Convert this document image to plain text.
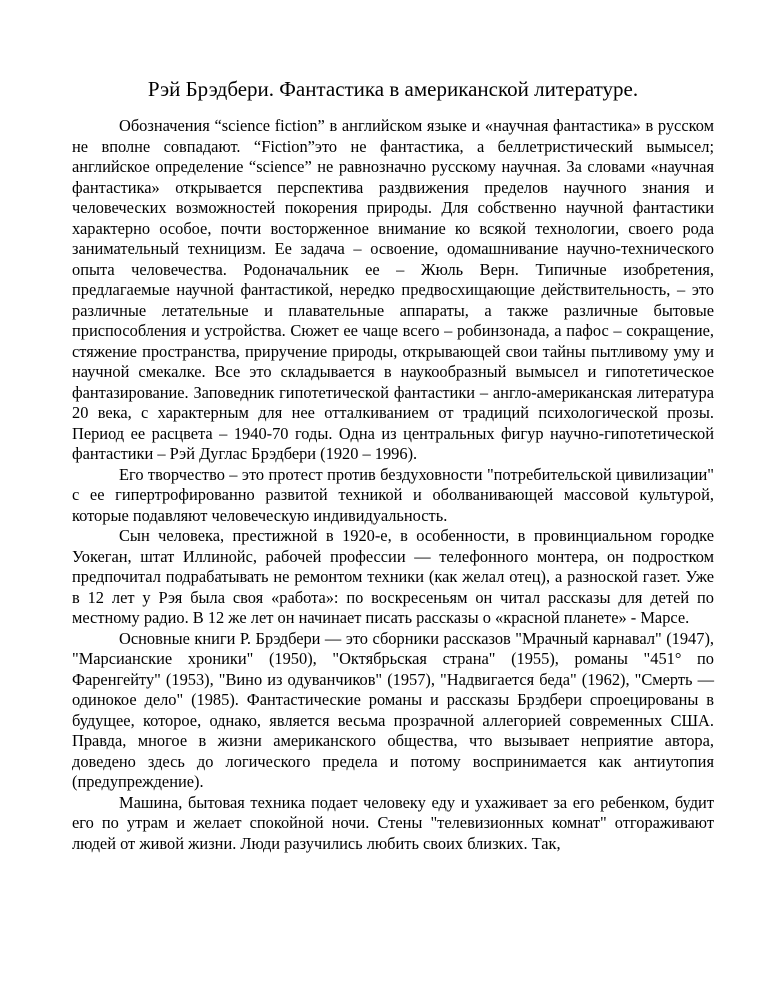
Рэй Брэдбери. Фантастика в американской литературе.

Обозначения “science fiction” в английском языке и «научная фантастика» в русском не вполне совпадают. “Fiction”это не фантастика, а беллетристический вымысел; английское определение “science” не равнозначно русскому научная. За словами «научная фантастика» открывается перспектива раздвижения пределов научного знания и человеческих возможностей покорения природы. Для собственно научной фантастики характерно особое, почти восторженное внимание ко всякой технологии, своего рода занимательный техницизм. Ее задача – освоение, одомашнивание научно-технического опыта человечества. Родоначальник ее – Жюль Верн. Типичные изобретения, предлагаемые научной фантастикой, нередко предвосхищающие действительность, – это различные летательные и плавательные аппараты, а также различные бытовые приспособления и устройства. Сюжет ее чаще всего – робинзонада, а пафос – сокращение, стяжение пространства, приручение природы, открывающей свои тайны пытливому уму и научной смекалке. Все это складывается в наукообразный вымысел и гипотетическое фантазирование. Заповедник гипотетической фантастики – англо-американская литература 20 века, с характерным для нее отталкиванием от традиций психологической прозы. Период ее расцвета – 1940-70 годы. Одна из центральных фигур научно-гипотетической фантастики – Рэй Дуглас Брэдбери (1920 – 1996).

Его творчество – это протест против бездуховности "потребительской цивилизации" с ее гипертрофированно развитой техникой и оболванивающей массовой культурой, которые подавляют человеческую индивидуальность.

Сын человека, престижной в 1920-е, в особенности, в провинциальном городке Уокеган, штат Иллинойс, рабочей профессии — телефонного монтера, он подростком предпочитал подрабатывать не ремонтом техники (как желал отец), а разноской газет. Уже в 12 лет у Рэя была своя «работа»: по воскресеньям он читал рассказы для детей по местному радио. В 12 же лет он начинает писать рассказы о «красной планете» - Марсе.

Основные книги Р. Брэдбери — это сборники рассказов "Мрачный карнавал" (1947), "Марсианские хроники" (1950), "Октябрьская страна" (1955), романы "451° по Фаренгейту" (1953), "Вино из одуванчиков" (1957), "Надвигается беда" (1962), "Смерть — одинокое дело" (1985). Фантастические романы и рассказы Брэдбери спроецированы в будущее, которое, однако, является весьма прозрачной аллегорией современных США. Правда, многое в жизни американского общества, что вызывает неприятие автора, доведено здесь до логического предела и потому воспринимается как антиутопия (предупреждение).

Машина, бытовая техника подает человеку еду и ухаживает за его ребенком, будит его по утрам и желает спокойной ночи. Стены "телевизионных комнат" отгораживают людей от живой жизни. Люди разучились любить своих близких. Так,
